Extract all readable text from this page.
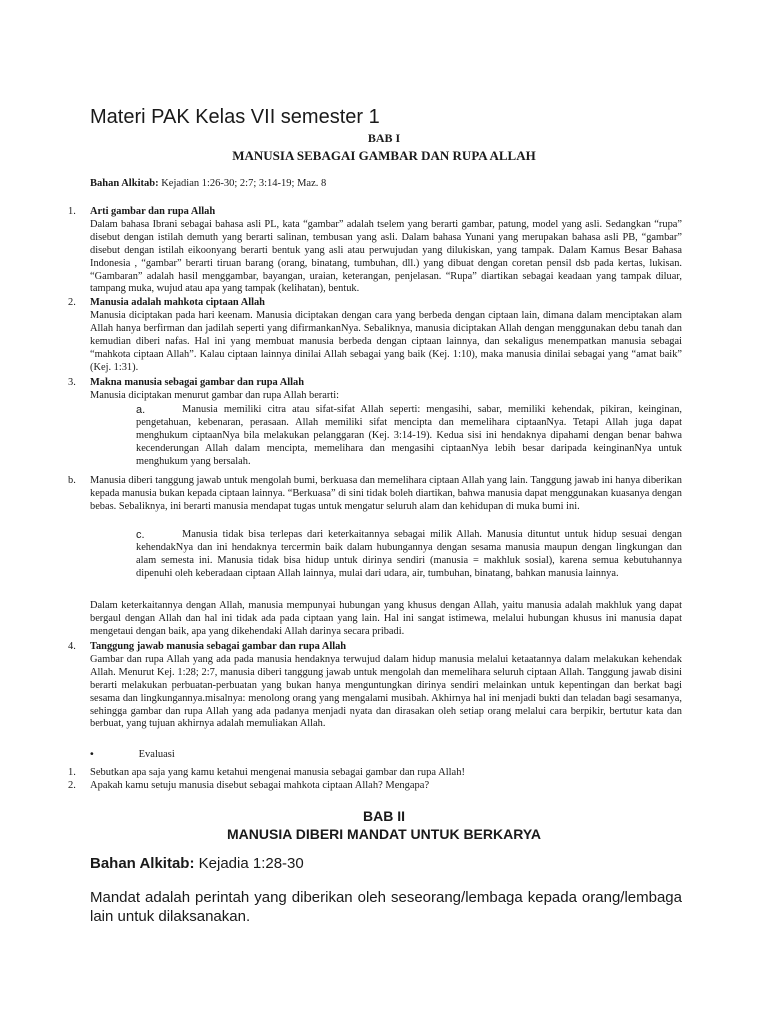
Materi PAK Kelas VII semester 1
BAB I
MANUSIA SEBAGAI GAMBAR DAN RUPA ALLAH
Bahan Alkitab: Kejadian 1:26-30; 2:7; 3:14-19; Maz. 8
1.	Arti gambar dan rupa Allah
Dalam bahasa Ibrani sebagai bahasa asli PL, kata “gambar” adalah tselem yang berarti gambar, patung, model yang asli. Sedangkan “rupa” disebut dengan istilah demuth yang berarti salinan, tembusan yang asli. Dalam bahasa Yunani yang merupakan bahasa asli PB, “gambar” disebut dengan istilah eikoonyang berarti bentuk yang asli atau perwujudan yang dilukiskan, yang tampak. Dalam Kamus Besar Bahasa Indonesia , “gambar” berarti tiruan barang (orang, binatang, tumbuhan, dll.) yang dibuat dengan coretan pensil dsb pada kertas, lukisan. “Gambaran” adalah hasil menggambar, bayangan, uraian, keterangan, penjelasan. “Rupa” diartikan sebagai keadaan yang tampak diluar, tampang muka, wujud atau apa yang tampak (kelihatan), bentuk.
2.	Manusia adalah mahkota ciptaan Allah
Manusia diciptakan pada hari keenam. Manusia diciptakan dengan cara yang berbeda dengan ciptaan lain, dimana dalam menciptakan alam Allah hanya berfirman dan jadilah seperti yang difirmankanNya. Sebaliknya, manusia diciptakan Allah dengan menggunakan debu tanah dan kemudian diberi nafas. Hal ini yang membuat manusia berbeda dengan ciptaan lainnya, dan sekaligus menempatkan manusia sebagai “mahkota ciptaan Allah”. Kalau ciptaan lainnya dinilai Allah sebagai yang baik (Kej. 1:10), maka manusia dinilai sebagai yang “amat baik” (Kej. 1:31).
3.	Makna manusia sebagai gambar dan rupa Allah
Manusia diciptakan menurut gambar dan rupa Allah berarti:
a.	Manusia memiliki citra atau sifat-sifat Allah seperti: mengasihi, sabar, memiliki kehendak, pikiran, keinginan, pengetahuan, kebenaran, perasaan. Allah memiliki sifat mencipta dan memelihara ciptaanNya. Tetapi Allah juga dapat menghukum ciptaanNya bila melakukan pelanggaran (Kej. 3:14-19). Kedua sisi ini hendaknya dipahami dengan benar bahwa kecenderungan Allah dalam mencipta, memelihara dan mengasihi ciptaanNya lebih besar daripada keinginanNya untuk menghukum yang bersalah.
b.	Manusia diberi tanggung jawab untuk mengolah bumi, berkuasa dan memelihara ciptaan Allah yang lain. Tanggung jawab ini hanya diberikan kepada manusia bukan kepada ciptaan lainnya. “Berkuasa” di sini tidak boleh diartikan, bahwa manusia dapat menggunakan kuasanya dengan bebas. Sebaliknya, ini berarti manusia mendapat tugas untuk mengatur seluruh alam dan kehidupan di muka bumi ini.
c.	Manusia tidak bisa terlepas dari keterkaitannya sebagai milik Allah. Manusia dituntut untuk hidup sesuai dengan kehendakNya dan ini hendaknya tercermin baik dalam hubungannya dengan sesama manusia maupun dengan lingkungan dan alam semesta ini. Manusia tidak bisa hidup untuk dirinya sendiri (manusia = makhluk sosial), karena semua kebutuhannya dipenuhi oleh keberadaan ciptaan Allah lainnya, mulai dari udara, air, tumbuhan, binatang, bahkan manusia lainnya.
Dalam keterkaitannya dengan Allah, manusia mempunyai hubungan yang khusus dengan Allah, yaitu manusia adalah makhluk yang dapat bergaul dengan Allah dan hal ini tidak ada pada ciptaan yang lain. Hal ini sangat istimewa, melalui hubungan khusus ini manusia dapat mengetaui dengan baik, apa yang dikehendaki Allah darinya secara pribadi.
4.	Tanggung jawab manusia sebagai gambar dan rupa Allah
Gambar dan rupa Allah yang ada pada manusia hendaknya terwujud dalam hidup manusia melalui ketaatannya dalam melakukan kehendak Allah. Menurut Kej. 1:28; 2:7, manusia diberi tanggung jawab untuk mengolah dan memelihara seluruh ciptaan Allah. Tanggung jawab disini berarti melakukan perbuatan-perbuatan yang bukan hanya menguntungkan dirinya sendiri melainkan untuk kepentingan dan berkat bagi sesama dan lingkungannya.misalnya: menolong orang yang mengalami musibah. Akhirnya hal ini menjadi bukti dan teladan bagi sesamanya, sehingga gambar dan rupa Allah yang ada padanya menjadi nyata dan dirasakan oleh setiap orang melalui cara berpikir, bertutur kata dan berbuat, yang tujuan akhirnya adalah memuliakan Allah.
•	Evaluasi
1. Sebutkan apa saja yang kamu ketahui mengenai manusia sebagai gambar dan rupa Allah!
2. Apakah kamu setuju manusia disebut sebagai mahkota ciptaan Allah? Mengapa?
BAB II
MANUSIA DIBERI MANDAT UNTUK BERKARYA
Bahan Alkitab: Kejadia 1:28-30
Mandat adalah perintah yang diberikan oleh seseorang/lembaga kepada orang/lembaga lain untuk dilaksanakan.
